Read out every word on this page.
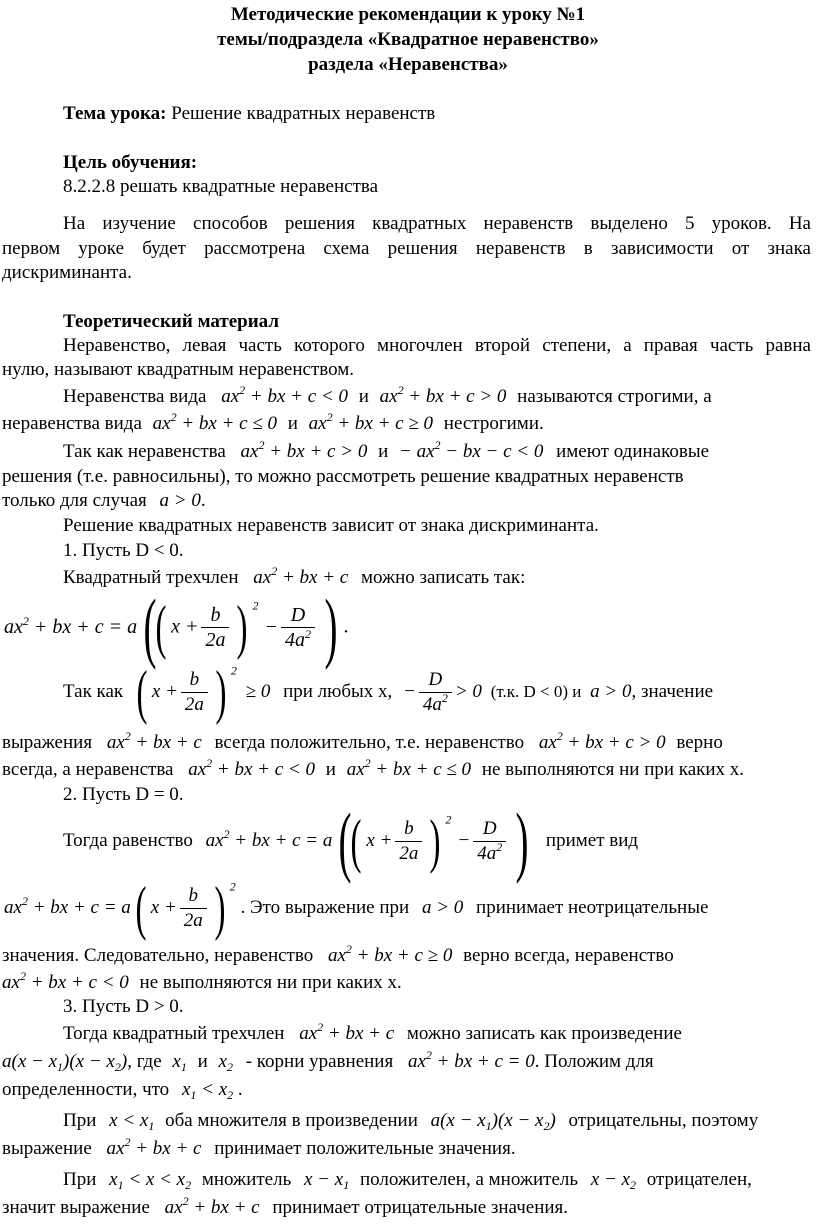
Методические рекомендации к уроку №1
темы/подраздела «Квадратное неравенство»
раздела «Неравенства»
Тема урока: Решение квадратных неравенств
Цель обучения:
8.2.2.8 решать квадратные неравенства
На изучение способов решения квадратных неравенств выделено 5 уроков. На
первом уроке будет рассмотрена схема решения неравенств в зависимости от знака
дискриминанта.
Теоретический материал
Неравенство, левая часть которого многочлен второй степени, а правая часть равна
нулю, называют квадратным неравенством.
Неравенства вида $ax^2$ + bx + c < 0 и $ax^2$ + bx + c > 0 называются строгими, а
неравенства вида $ax^2$ + bx + c ≤ 0 и $ax^2$ + bx + c ≥ 0 нестрогими.
Так как неравенства $ax^2$ + bx + c > 0 $и - ax^2$ − bx − c < 0 имеют одинаковые
решения (т.е. равносильны), то можно рассмотреть решение квадратных неравенств
только для случая a > 0.
Решение квадратных неравенств зависит от знака дискриминанта.
1. Пусть D < 0.
Квадратный трехчлен $ax^2$ + bx + c можно записать так:
$ax^2$ + bx + c = a(( $x + \frac{b}{2a}$ ) $^2- \frac{D}{4a^2}$ ) .
Так как ( $x + \frac{b}{2a}$ ) $^2$ ≥ 0 при любых x, − $\frac{D}{4a^2} > 0$ (т.к. D < 0) и a > 0, значение
выражения $ax^2$ + bx + c всегда положительно, т.е. неравенство $ax^2$ + bx + c > 0 верно
всегда, а неравенства $ax^2$ + bx + c < 0 и $ax^2$ + bx + c ≤ 0 не выполняются ни при каких x.
2. Пусть D = 0.
Тогда равенство $ax^2$ + bx + c = a(( $x + \frac{b}{2a}$ ) $^2- \frac{D}{4a^2}$ ) примет вид
$ax^2$ + bx + c = a( $x + \frac{b}{2a}$ ) $^2$ . Это выражение при a > 0 принимает неотрицательные
значения. Следовательно, неравенство $ax^2$ + bx + c ≥ 0 верно всегда, неравенство
$ax^2$ + bx + c < 0 не выполняются ни при каких x.
3. Пусть D > 0.
Тогда квадратный трехчлен $ax^2$ + bx + c можно записать как произведение
$a(x - x_1)(x - x_2)$, где $x_1$ и $x_2$ - корни уравнения $ax^2$ + bx + c = 0. Положим для
определенности, что $x_1 < x_2$ .
При $x < x_1$ оба множителя в произведении $a(x - x_1)(x - x_2)$ отрицательны, поэтому
выражение $ax^2$ + bx + c принимает положительные значения.
При $x_1 < x < x_2$ множитель $x - x_1$ положителен, а множитель $x - x_2$ отрицателен,
значит выражение $ax^2$ + bx + c принимает отрицательные значения.
